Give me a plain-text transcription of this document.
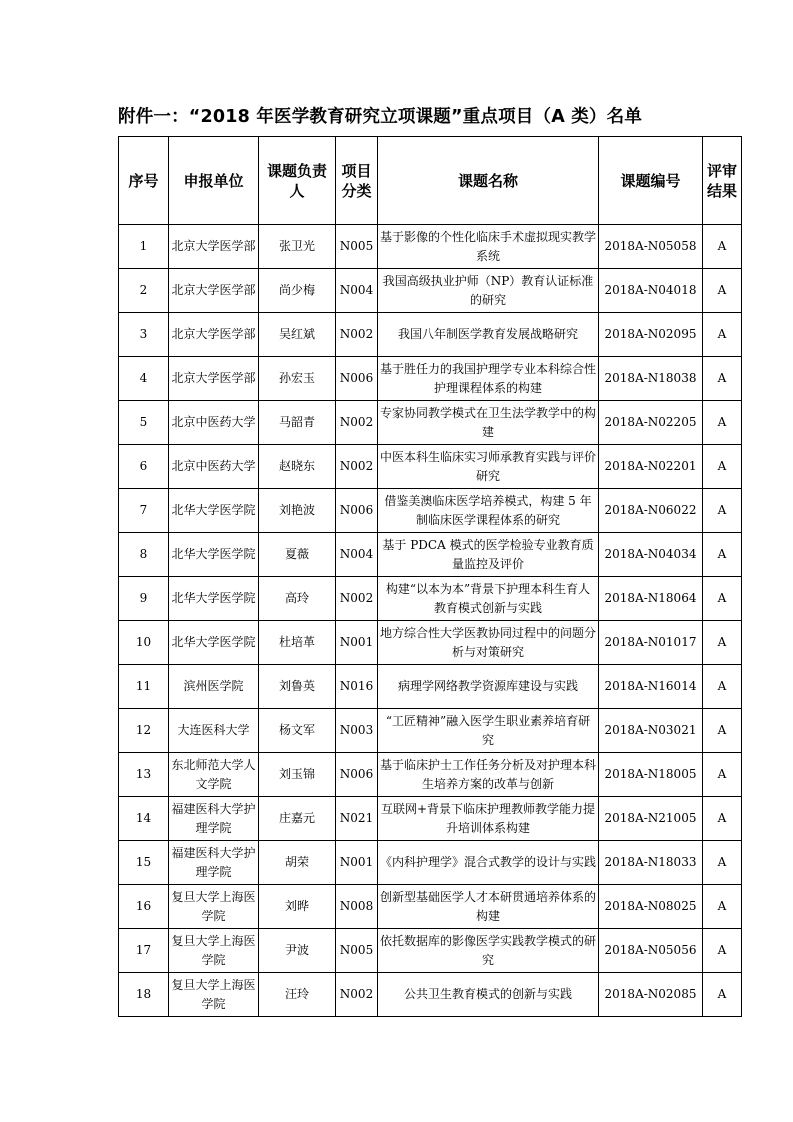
附件一：“2018 年医学教育研究立项课题”重点项目（A 类）名单
序号	申报单位	课题负责人	项目分类	课题名称	课题编号	评审结果
1	北京大学医学部	张卫光	N005	基于影像的个性化临床手术虚拟现实教学系统	2018A-N05058	A
2	北京大学医学部	尚少梅	N004	我国高级执业护师（NP）教育认证标准的研究	2018A-N04018	A
3	北京大学医学部	吴红斌	N002	我国八年制医学教育发展战略研究	2018A-N02095	A
4	北京大学医学部	孙宏玉	N006	基于胜任力的我国护理学专业本科综合性护理课程体系的构建	2018A-N18038	A
5	北京中医药大学	马韶青	N002	专家协同教学模式在卫生法学教学中的构建	2018A-N02205	A
6	北京中医药大学	赵晓东	N002	中医本科生临床实习师承教育实践与评价研究	2018A-N02201	A
7	北华大学医学院	刘艳波	N006	借鉴美澳临床医学培养模式，构建 5 年制临床医学课程体系的研究	2018A-N06022	A
8	北华大学医学院	夏薇	N004	基于 PDCA 模式的医学检验专业教育质量监控及评价	2018A-N04034	A
9	北华大学医学院	高玲	N002	构建“以本为本”背景下护理本科生育人教育模式创新与实践	2018A-N18064	A
10	北华大学医学院	杜培革	N001	地方综合性大学医教协同过程中的问题分析与对策研究	2018A-N01017	A
11	滨州医学院	刘鲁英	N016	病理学网络教学资源库建设与实践	2018A-N16014	A
12	大连医科大学	杨文军	N003	“工匠精神”融入医学生职业素养培育研究	2018A-N03021	A
13	东北师范大学人文学院	刘玉锦	N006	基于临床护士工作任务分析及对护理本科生培养方案的改革与创新	2018A-N18005	A
14	福建医科大学护理学院	庄嘉元	N021	互联网+背景下临床护理教师教学能力提升培训体系构建	2018A-N21005	A
15	福建医科大学护理学院	胡荣	N001	《内科护理学》混合式教学的设计与实践	2018A-N18033	A
16	复旦大学上海医学院	刘晔	N008	创新型基础医学人才本研贯通培养体系的构建	2018A-N08025	A
17	复旦大学上海医学院	尹波	N005	依托数据库的影像医学实践教学模式的研究	2018A-N05056	A
18	复旦大学上海医学院	汪玲	N002	公共卫生教育模式的创新与实践	2018A-N02085	A
